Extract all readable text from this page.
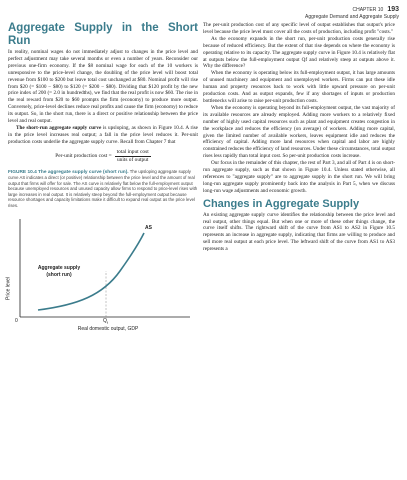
CHAPTER 10 193
Aggregate Demand and Aggregate Supply
Aggregate Supply in the Short Run

In reality, nominal wages do not immediately adjust to changes in the price level and perfect adjustment may take several months or even a number of years. Reconsider our previous one-firm economy. If the $8 nominal wage for each of the 10 workers is unresponsive to the price-level change, the doubling of the price level will boost total revenue from $100 to $200 but leave total cost unchanged at $80. Nominal profit will rise from $20 (= $100 − $80) to $120 (= $200 − $80). Dividing that $120 profit by the new price index of 200 (= 2.0 in hundredths), we find that the real profit is now $60. The rise in the real reward from $20 to $60 prompts the firm (economy) to produce more output. Conversely, price-level declines reduce real profits and cause the firm (economy) to reduce its output. So, in the short run, there is a direct or positive relationship between the price level and real output.

The short-run aggregate supply curve is upsloping, as shown in Figure 10.4. A rise in the price level increases real output; a fall in the price level reduces it. Per-unit production costs underlie the aggregate supply curve. Recall from Chapter 7 that

Per-unit production $\cos t = \frac{\text{total input cost}}{\text{units of output}}$
FIGURE 10.4 The aggregate supply curve (short run). The upsloping aggregate supply curve AS indicates a direct (or positive) relationship between the price level and the amount of real output that firms will offer for sale. The AS curve is relatively flat below the full-employment output because unemployed resources and unused capacity allow firms to respond to price-level rises with large increases in real output. It is relatively steep beyond the full-employment output because resource shortages and capacity limitations make it difficult to expand real output as the price level rises.
AS
Aggregate supply (short run)
Price level
0	$Q_f$
Real domestic output, GDP

The per-unit production cost of any specific level of output establishes that output's price level because the price level must cover all the costs of production, including profit "costs."

As the economy expands in the short run, per-unit production costs generally rise because of reduced efficiency. But the extent of that rise depends on where the economy is operating relative to its capacity. The aggregate supply curve in Figure 10.4 is relatively flat at outputs below the full-employment output Qf and relatively steep at outputs above it. Why the difference?

When the economy is operating below its full-employment output, it has large amounts of unused machinery and equipment and unemployed workers. Firms can put these idle human and property resources back to work with little upward pressure on per-unit production costs. And as output expands, few if any shortages of inputs or production bottlenecks will arise to raise per-unit production costs.

When the economy is operating beyond its full-employment output, the vast majority of its available resources are already employed. Adding more workers to a relatively fixed number of highly used capital resources such as plant and equipment creates congestion in the workplace and reduces the efficiency (on average) of workers. Adding more capital, given the limited number of available workers, leaves equipment idle and reduces the efficiency of capital. Adding more land resources when capital and labor are highly constrained reduces the efficiency of land resources. Under these circumstances, total output rises less rapidly than total input cost. So per-unit production costs increase.

Our focus in the remainder of this chapter, the rest of Part 3, and all of Part 4 is on short-run aggregate supply, such as that shown in Figure 10.4. Unless stated otherwise, all references to "aggregate supply" are to aggregate supply in the short run. We will bring long-run aggregate supply prominently back into the analysis in Part 5, when we discuss long-run wage adjustments and economic growth.

Changes in Aggregate Supply

An existing aggregate supply curve identifies the relationship between the price level and real output, other things equal. But when one or more of these other things change, the curve itself shifts. The rightward shift of the curve from AS1 to AS2 in Figure 10.5 represents an increase in aggregate supply, indicating that firms are willing to produce and sell more real output at each price level. The leftward shift of the curve from AS1 to AS3 represents a
